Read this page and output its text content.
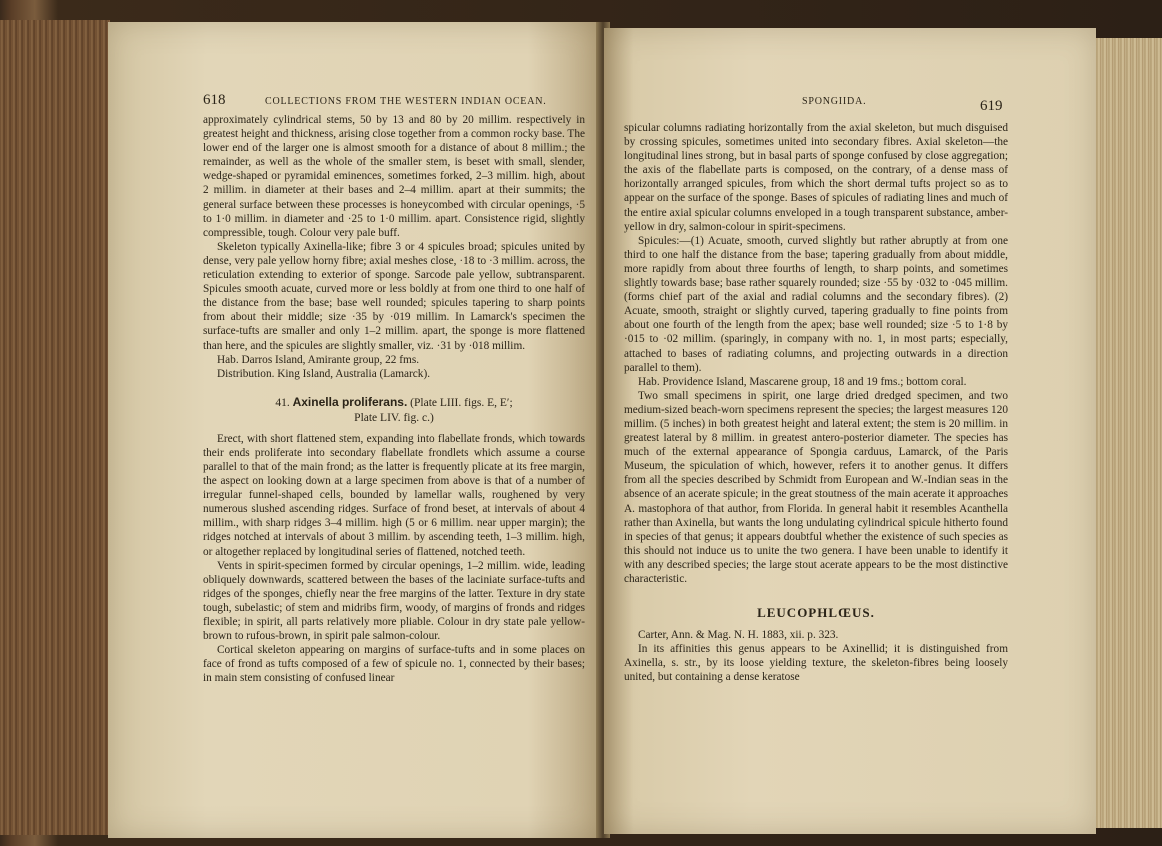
618	COLLECTIONS FROM THE WESTERN INDIAN OCEAN.

approximately cylindrical stems, 50 by 13 and 80 by 20 millim. respectively in greatest height and thickness, arising close together from a common rocky base. The lower end of the larger one is almost smooth for a distance of about 8 millim.; the remainder, as well as the whole of the smaller stem, is beset with small, slender, wedge-shaped or pyramidal eminences, sometimes forked, 2–3 millim. high, about 2 millim. in diameter at their bases and 2–4 millim. apart at their summits; the general surface between these processes is honeycombed with circular openings, ·5 to 1·0 millim. in diameter and ·25 to 1·0 millim. apart. Consistence rigid, slightly compressible, tough. Colour very pale buff.

Skeleton typically Axinella-like; fibre 3 or 4 spicules broad; spicules united by dense, very pale yellow horny fibre; axial meshes close, ·18 to ·3 millim. across, the reticulation extending to exterior of sponge. Sarcode pale yellow, subtransparent. Spicules smooth acuate, curved more or less boldly at from one third to one half of the distance from the base; base well rounded; spicules tapering to sharp points from about their middle; size ·35 by ·019 millim. In Lamarck's specimen the surface-tufts are smaller and only 1–2 millim. apart, the sponge is more flattened than here, and the spicules are slightly smaller, viz. ·31 by ·018 millim.

Hab. Darros Island, Amirante group, 22 fms.

Distribution. King Island, Australia (Lamarck).

41. Axinella proliferans. (Plate LIII. figs. E, E′;
Plate LIV. fig. c.)

Erect, with short flattened stem, expanding into flabellate fronds, which towards their ends proliferate into secondary flabellate frondlets which assume a course parallel to that of the main frond; as the latter is frequently plicate at its free margin, the aspect on looking down at a large specimen from above is that of a number of irregular funnel-shaped cells, bounded by lamellar walls, roughened by very numerous slushed ascending ridges. Surface of frond beset, at intervals of about 4 millim., with sharp ridges 3–4 millim. high (5 or 6 millim. near upper margin); the ridges notched at intervals of about 3 millim. by ascending teeth, 1–3 millim. high, or altogether replaced by longitudinal series of flattened, notched teeth.

Vents in spirit-specimen formed by circular openings, 1–2 millim. wide, leading obliquely downwards, scattered between the bases of the laciniate surface-tufts and ridges of the sponges, chiefly near the free margins of the latter. Texture in dry state tough, subelastic; of stem and midribs firm, woody, of margins of fronds and ridges flexible; in spirit, all parts relatively more pliable. Colour in dry state pale yellow-brown to rufous-brown, in spirit pale salmon-colour.

Cortical skeleton appearing on margins of surface-tufts and in some places on face of frond as tufts composed of a few of spicule no. 1, connected by their bases; in main stem consisting of confused linear

SPONGIIDA.	619

spicular columns radiating horizontally from the axial skeleton, but much disguised by crossing spicules, sometimes united into secondary fibres. Axial skeleton—the longitudinal lines strong, but in basal parts of sponge confused by close aggregation; the axis of the flabellate parts is composed, on the contrary, of a dense mass of horizontally arranged spicules, from which the short dermal tufts project so as to appear on the surface of the sponge. Bases of spicules of radiating lines and much of the entire axial spicular columns enveloped in a tough transparent substance, amber-yellow in dry, salmon-colour in spirit-specimens.

Spicules:—(1) Acuate, smooth, curved slightly but rather abruptly at from one third to one half the distance from the base; tapering gradually from about middle, more rapidly from about three fourths of length, to sharp points, and sometimes slightly towards base; base rather squarely rounded; size ·55 by ·032 to ·045 millim. (forms chief part of the axial and radial columns and the secondary fibres). (2) Acuate, smooth, straight or slightly curved, tapering gradually to fine points from about one fourth of the length from the apex; base well rounded; size ·5 to 1·8 by ·015 to ·02 millim. (sparingly, in company with no. 1, in most parts; especially, attached to bases of radiating columns, and projecting outwards in a direction parallel to them).

Hab. Providence Island, Mascarene group, 18 and 19 fms.; bottom coral.

Two small specimens in spirit, one large dried dredged specimen, and two medium-sized beach-worn specimens represent the species; the largest measures 120 millim. (5 inches) in both greatest height and lateral extent; the stem is 20 millim. in greatest lateral by 8 millim. in greatest antero-posterior diameter. The species has much of the external appearance of Spongia carduus, Lamarck, of the Paris Museum, the spiculation of which, however, refers it to another genus. It differs from all the species described by Schmidt from European and W.-Indian seas in the absence of an acerate spicule; in the great stoutness of the main acerate it approaches A. mastophora of that author, from Florida. In general habit it resembles Acanthella rather than Axinella, but wants the long undulating cylindrical spicule hitherto found in species of that genus; it appears doubtful whether the existence of such species as this should not induce us to unite the two genera. I have been unable to identify it with any described species; the large stout acerate appears to be the most distinctive characteristic.

LEUCOPHLŒUS.

Carter, Ann. & Mag. N. H. 1883, xii. p. 323.

In its affinities this genus appears to be Axinellid; it is distinguished from Axinella, s. str., by its loose yielding texture, the skeleton-fibres being loosely united, but containing a dense keratose
